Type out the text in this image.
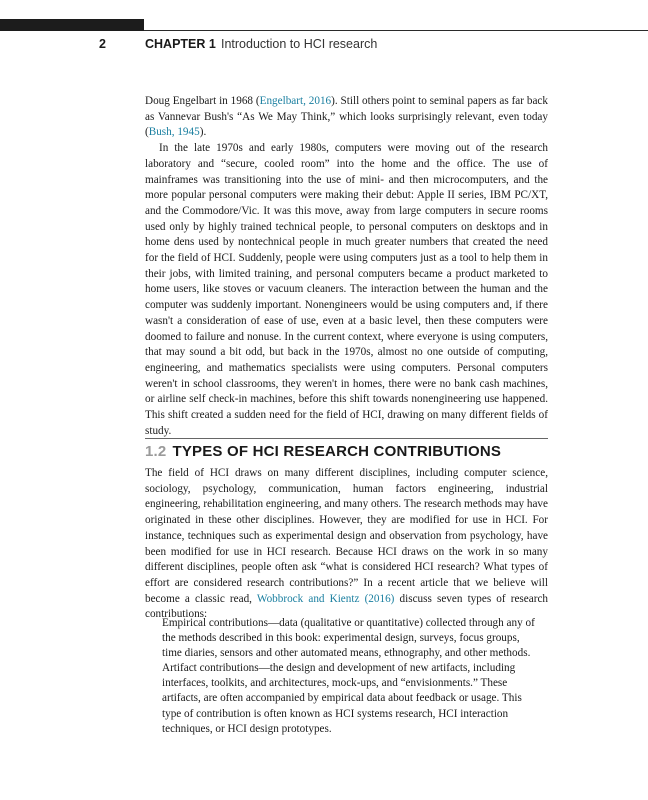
2	CHAPTER 1 Introduction to HCI research

Doug Engelbart in 1968 (Engelbart, 2016). Still others point to seminal papers as far back as Vannevar Bush's “As We May Think,” which looks surprisingly relevant, even today (Bush, 1945).

In the late 1970s and early 1980s, computers were moving out of the research laboratory and “secure, cooled room” into the home and the office. The use of mainframes was transitioning into the use of mini- and then microcomputers, and the more popular personal computers were making their debut: Apple II series, IBM PC/XT, and the Commodore/Vic. It was this move, away from large computers in secure rooms used only by highly trained technical people, to personal computers on desktops and in home dens used by nontechnical people in much greater numbers that created the need for the field of HCI. Suddenly, people were using computers just as a tool to help them in their jobs, with limited training, and personal computers became a product marketed to home users, like stoves or vacuum cleaners. The interaction between the human and the computer was suddenly important. Nonengineers would be using computers and, if there wasn't a consideration of ease of use, even at a basic level, then these computers were doomed to failure and nonuse. In the current context, where everyone is using computers, that may sound a bit odd, but back in the 1970s, almost no one outside of computing, engineering, and mathematics specialists were using computers. Personal computers weren't in school classrooms, they weren't in homes, there were no bank cash machines, or airline self check-in machines, before this shift towards nonengineering use happened. This shift created a sudden need for the field of HCI, drawing on many different fields of study.

1.2 TYPES OF HCI RESEARCH CONTRIBUTIONS

The field of HCI draws on many different disciplines, including computer science, sociology, psychology, communication, human factors engineering, industrial engineering, rehabilitation engineering, and many others. The research methods may have originated in these other disciplines. However, they are modified for use in HCI. For instance, techniques such as experimental design and observation from psychology, have been modified for use in HCI research. Because HCI draws on the work in so many different disciplines, people often ask “what is considered HCI research? What types of effort are considered research contributions?” In a recent article that we believe will become a classic read, Wobbrock and Kientz (2016) discuss seven types of research contributions:

Empirical contributions—data (qualitative or quantitative) collected through any of the methods described in this book: experimental design, surveys, focus groups, time diaries, sensors and other automated means, ethnography, and other methods.

Artifact contributions—the design and development of new artifacts, including interfaces, toolkits, and architectures, mock-ups, and “envisionments.” These artifacts, are often accompanied by empirical data about feedback or usage. This type of contribution is often known as HCI systems research, HCI interaction techniques, or HCI design prototypes.
